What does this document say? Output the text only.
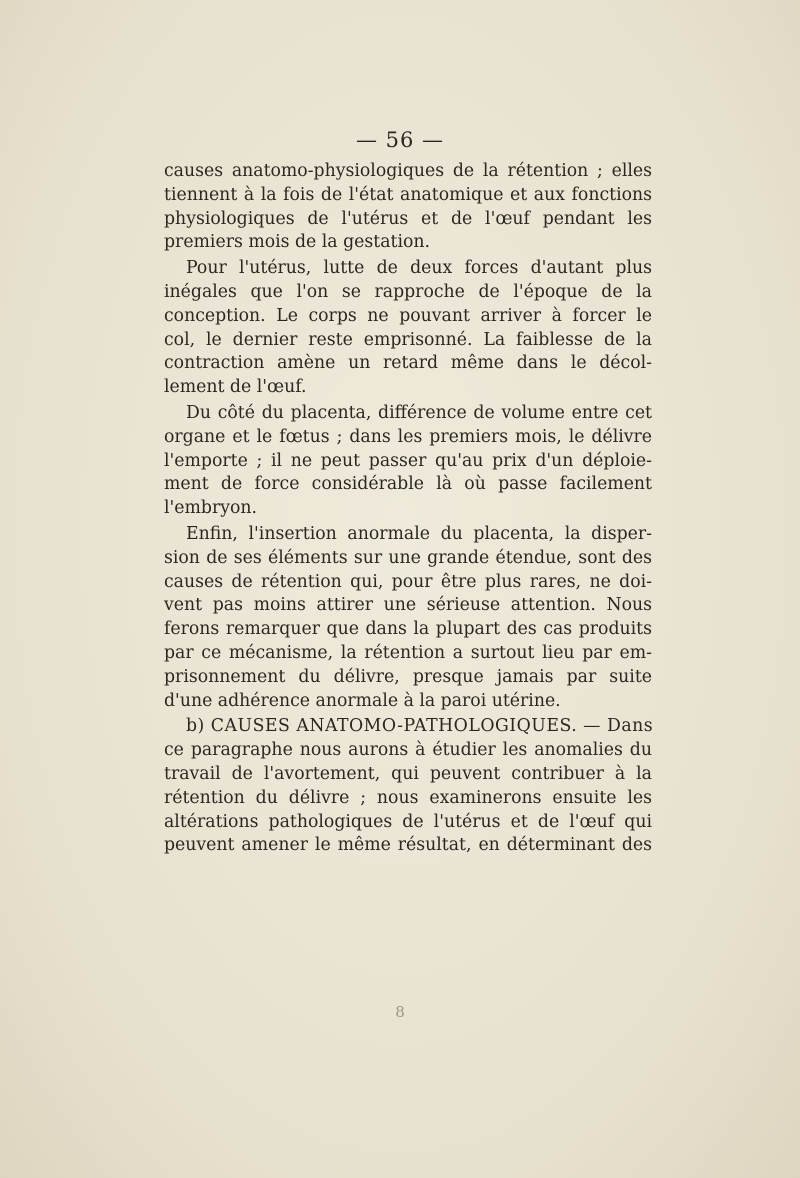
— 56 —

causes anatomo-physiologiques de la rétention ; elles

tiennent à la fois de l'état anatomique et aux fonctions

physiologiques de l'utérus et de l'œuf pendant les

premiers mois de la gestation.

Pour l'utérus, lutte de deux forces d'autant plus

inégales que l'on se rapproche de l'époque de la

conception. Le corps ne pouvant arriver à forcer le

col, le dernier reste emprisonné. La faiblesse de la

contraction amène un retard même dans le décol-

lement de l'œuf.

Du côté du placenta, différence de volume entre cet

organe et le fœtus ; dans les premiers mois, le délivre

l'emporte ; il ne peut passer qu'au prix d'un déploie-

ment de force considérable là où passe facilement

l'embryon.

Enfin, l'insertion anormale du placenta, la disper-

sion de ses éléments sur une grande étendue, sont des

causes de rétention qui, pour être plus rares, ne doi-

vent pas moins attirer une sérieuse attention. Nous

ferons remarquer que dans la plupart des cas produits

par ce mécanisme, la rétention a surtout lieu par em-

prisonnement du délivre, presque jamais par suite

d'une adhérence anormale à la paroi utérine.

b) CAUSES ANATOMO-PATHOLOGIQUES. — Dans

ce paragraphe nous aurons à étudier les anomalies du

travail de l'avortement, qui peuvent contribuer à la

rétention du délivre ; nous examinerons ensuite les

altérations pathologiques de l'utérus et de l'œuf qui

peuvent amener le même résultat, en déterminant des

8
